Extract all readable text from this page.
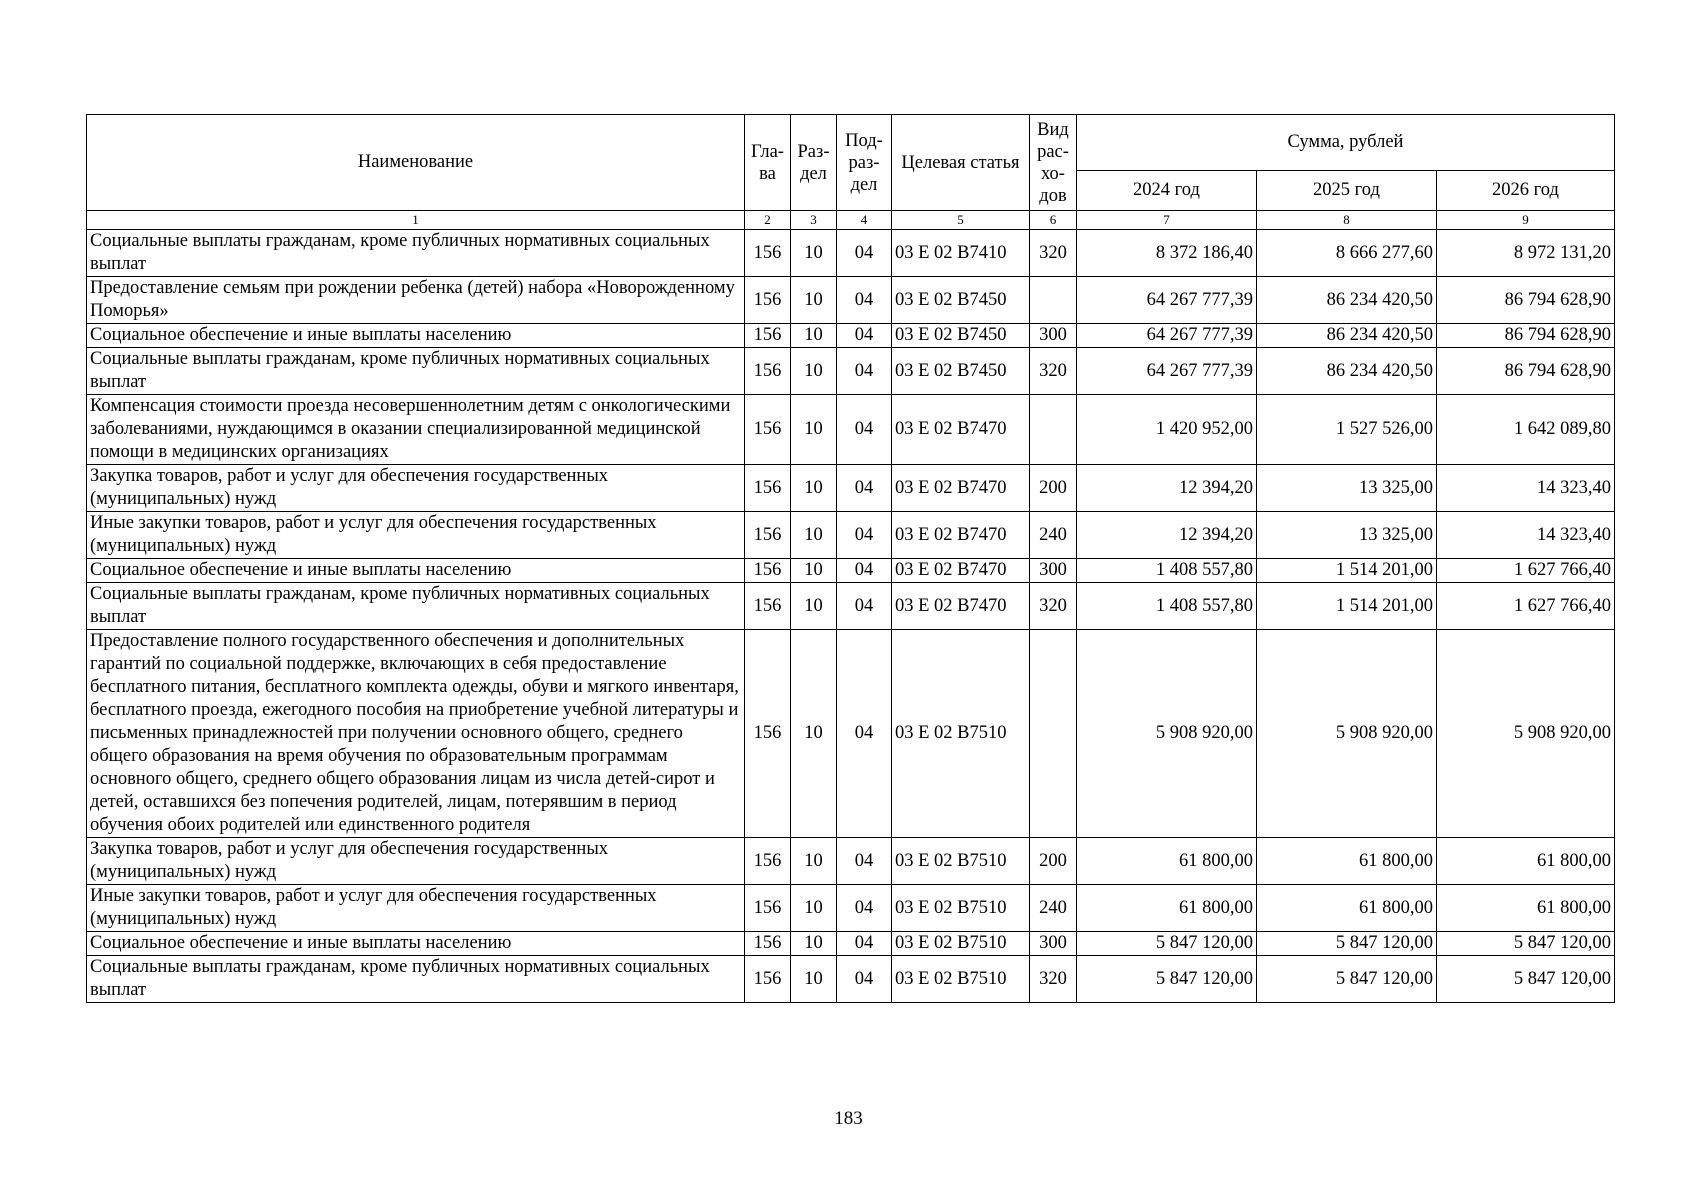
Наименование	Гла-ва	Раз-дел	Под-раз-дел	Целевая статья	Вид рас-хо-дов	Сумма, рублей		
						2024 год	2025 год	2026 год
1	2	3	4	5	6	7	8	9
Социальные выплаты гражданам, кроме публичных нормативных социальных выплат	156	10	04	03 Е 02 В7410	320	8 372 186,40	8 666 277,60	8 972 131,20
Предоставление семьям при рождении ребенка (детей) набора «Новорожденному Поморья»	156	10	04	03 Е 02 В7450		64 267 777,39	86 234 420,50	86 794 628,90
Социальное обеспечение и иные выплаты населению	156	10	04	03 Е 02 В7450	300	64 267 777,39	86 234 420,50	86 794 628,90
Социальные выплаты гражданам, кроме публичных нормативных социальных выплат	156	10	04	03 Е 02 В7450	320	64 267 777,39	86 234 420,50	86 794 628,90
Компенсация стоимости проезда несовершеннолетним детям с онкологическими заболеваниями, нуждающимся в оказании специализированной медицинской помощи в медицинских организациях	156	10	04	03 Е 02 В7470		1 420 952,00	1 527 526,00	1 642 089,80
Закупка товаров, работ и услуг для обеспечения государственных (муниципальных) нужд	156	10	04	03 Е 02 В7470	200	12 394,20	13 325,00	14 323,40
Иные закупки товаров, работ и услуг для обеспечения государственных (муниципальных) нужд	156	10	04	03 Е 02 В7470	240	12 394,20	13 325,00	14 323,40
Социальное обеспечение и иные выплаты населению	156	10	04	03 Е 02 В7470	300	1 408 557,80	1 514 201,00	1 627 766,40
Социальные выплаты гражданам, кроме публичных нормативных социальных выплат	156	10	04	03 Е 02 В7470	320	1 408 557,80	1 514 201,00	1 627 766,40
Предоставление полного государственного обеспечения и дополнительных гарантий по социальной поддержке, включающих в себя предоставление бесплатного питания, бесплатного комплекта одежды, обуви и мягкого инвентаря, бесплатного проезда, ежегодного пособия на приобретение учебной литературы и письменных принадлежностей при получении основного общего, среднего общего образования на время обучения по образовательным программам основного общего, среднего общего образования лицам из числа детей-сирот и детей, оставшихся без попечения родителей, лицам, потерявшим в период обучения обоих родителей или единственного родителя	156	10	04	03 Е 02 В7510		5 908 920,00	5 908 920,00	5 908 920,00
Закупка товаров, работ и услуг для обеспечения государственных (муниципальных) нужд	156	10	04	03 Е 02 В7510	200	61 800,00	61 800,00	61 800,00
Иные закупки товаров, работ и услуг для обеспечения государственных (муниципальных) нужд	156	10	04	03 Е 02 В7510	240	61 800,00	61 800,00	61 800,00
Социальное обеспечение и иные выплаты населению	156	10	04	03 Е 02 В7510	300	5 847 120,00	5 847 120,00	5 847 120,00
Социальные выплаты гражданам, кроме публичных нормативных социальных выплат	156	10	04	03 Е 02 В7510	320	5 847 120,00	5 847 120,00	5 847 120,00
183
